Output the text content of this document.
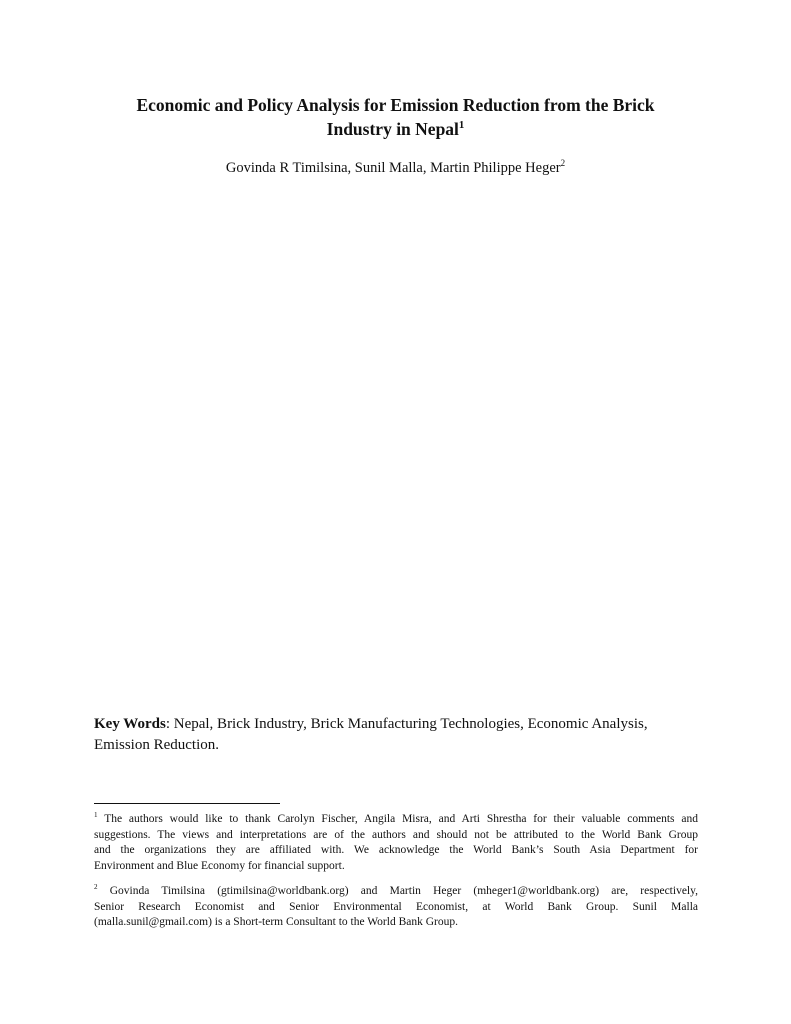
Economic and Policy Analysis for Emission Reduction from the Brick
Industry in Nepal$^1$
Govinda R Timilsina, Sunil Malla, Martin Philippe Heger$^2$
Key Words: Nepal, Brick Industry, Brick Manufacturing Technologies, Economic Analysis,
Emission Reduction.
$^1$ The authors would like to thank Carolyn Fischer, Angila Misra, and Arti Shrestha for their valuable comments and
suggestions. The views and interpretations are of the authors and should not be attributed to the World Bank Group
and the organizations they are affiliated with. We acknowledge the World Bank’s South Asia Department for
Environment and Blue Economy for financial support.
$^2$ Govinda Timilsina (gtimilsina@worldbank.org) and Martin Heger (mheger1@worldbank.org) are, respectively,
Senior Research Economist and Senior Environmental Economist, at World Bank Group. Sunil Malla
(malla.sunil@gmail.com) is a Short-term Consultant to the World Bank Group.
